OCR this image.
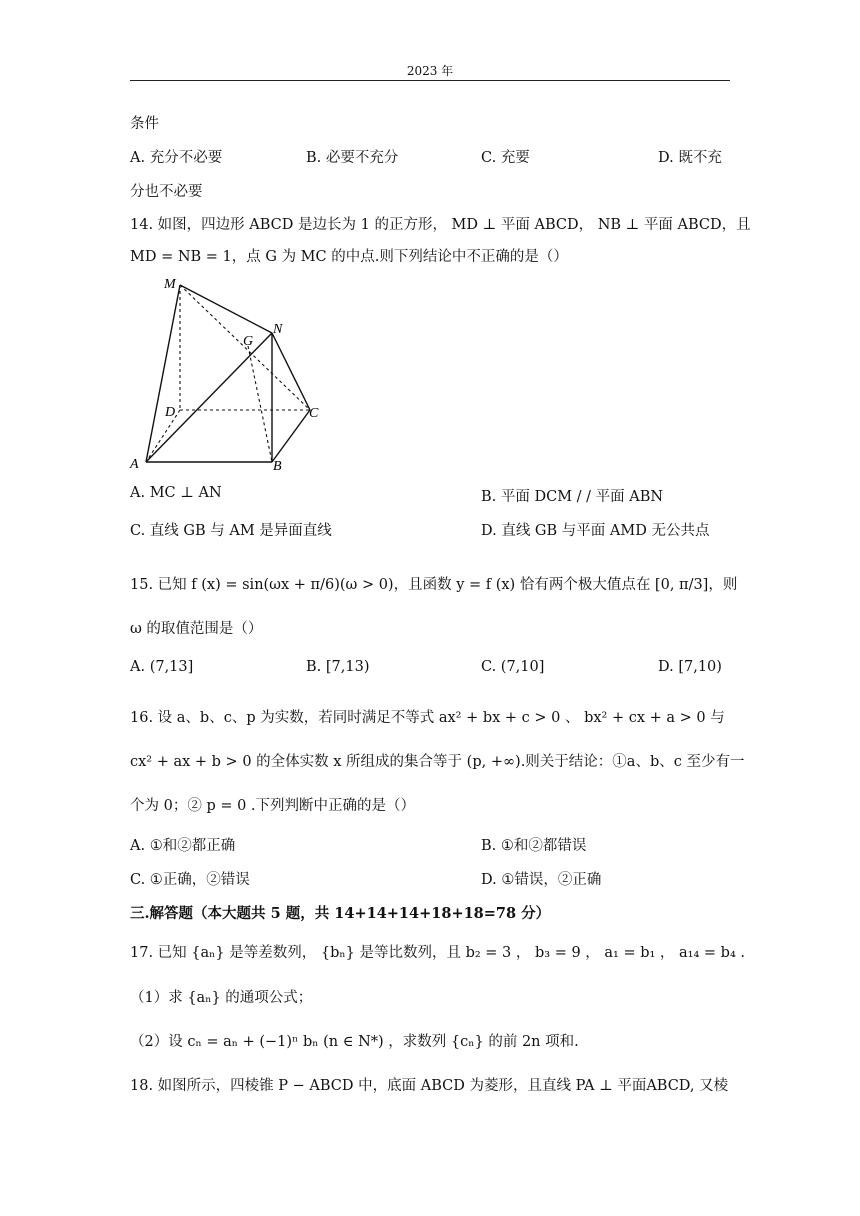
2023 年
条件
A. 充分不必要	B. 必要不充分	C. 充要	D. 既不充
分也不必要
14. 如图，四边形 ABCD 是边长为 1 的正方形， MD ⊥ 平面 ABCD， NB ⊥ 平面 ABCD，且
MD = NB = 1，点 G 为 MC 的中点.则下列结论中不正确的是（）
M
N
G
D	C
A	B
A. MC ⊥ AN	B. 平面 DCM / / 平面 ABN
C. 直线 GB 与 AM 是异面直线	D. 直线 GB 与平面 AMD 无公共点
15. 已知 f (x) = sin(ωx + π/6)(ω > 0)，且函数 y = f (x) 恰有两个极大值点在 [0, π/3]，则
ω 的取值范围是（）
A. (7,13]	B. [7,13)	C. (7,10]	D. [7,10)
16. 设 a、b、c、p 为实数，若同时满足不等式 ax² + bx + c > 0 、 bx² + cx + a > 0 与
cx² + ax + b > 0 的全体实数 x 所组成的集合等于 (p, +∞).则关于结论：①a、b、c 至少有一
个为 0；② p = 0 .下列判断中正确的是（）
A. ①和②都正确	B. ①和②都错误
C. ①正确，②错误	D. ①错误，②正确
三.解答题（本大题共 5 题，共 14+14+14+18+18=78 分）
17. 已知 {aₙ} 是等差数列， {bₙ} 是等比数列，且 b₂ = 3 ， b₃ = 9 ， a₁ = b₁ ， a₁₄ = b₄ .
（1）求 {aₙ} 的通项公式；
（2）设 cₙ = aₙ + (−1)ⁿ bₙ (n ∈ N*) ，求数列 {cₙ} 的前 2n 项和.
18. 如图所示，四棱锥 P − ABCD 中，底面 ABCD 为菱形，且直线 PA ⊥ 平面ABCD, 又棱
